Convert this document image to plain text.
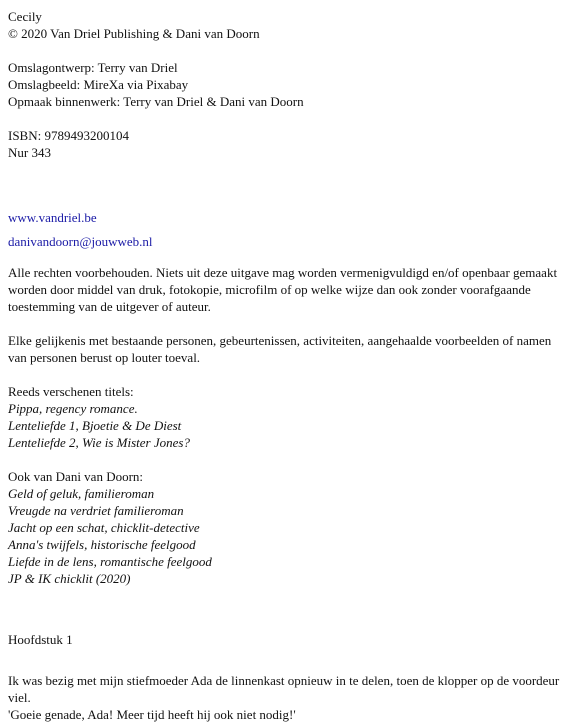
Cecily
© 2020 Van Driel Publishing & Dani van Doorn
Omslagontwerp: Terry van Driel
Omslagbeeld: MireXa via Pixabay
Opmaak binnenwerk: Terry van Driel & Dani van Doorn
ISBN: 9789493200104
Nur 343
www.vandriel.be
danivandoorn@jouwweb.nl
Alle rechten voorbehouden. Niets uit deze uitgave mag worden vermenigvuldigd en/of openbaar gemaakt worden door middel van druk, fotokopie, microfilm of op welke wijze dan ook zonder voorafgaande toestemming van de uitgever of auteur.
Elke gelijkenis met bestaande personen, gebeurtenissen, activiteiten, aangehaalde voorbeelden of namen van personen berust op louter toeval.
Reeds verschenen titels:
Pippa, regency romance.
Lenteliefde 1, Bjoetie & De Diest
Lenteliefde 2, Wie is Mister Jones?
Ook van Dani van Doorn:
Geld of geluk, familieroman
Vreugde na verdriet familieroman
Jacht op een schat, chicklit-detective
Anna's twijfels, historische feelgood
Liefde in de lens, romantische feelgood
JP & IK chicklit (2020)
Hoofdstuk 1
Ik was bezig met mijn stiefmoeder Ada de linnenkast opnieuw in te delen, toen de klopper op de voordeur viel.
'Goeie genade, Ada! Meer tijd heeft hij ook niet nodig!'
